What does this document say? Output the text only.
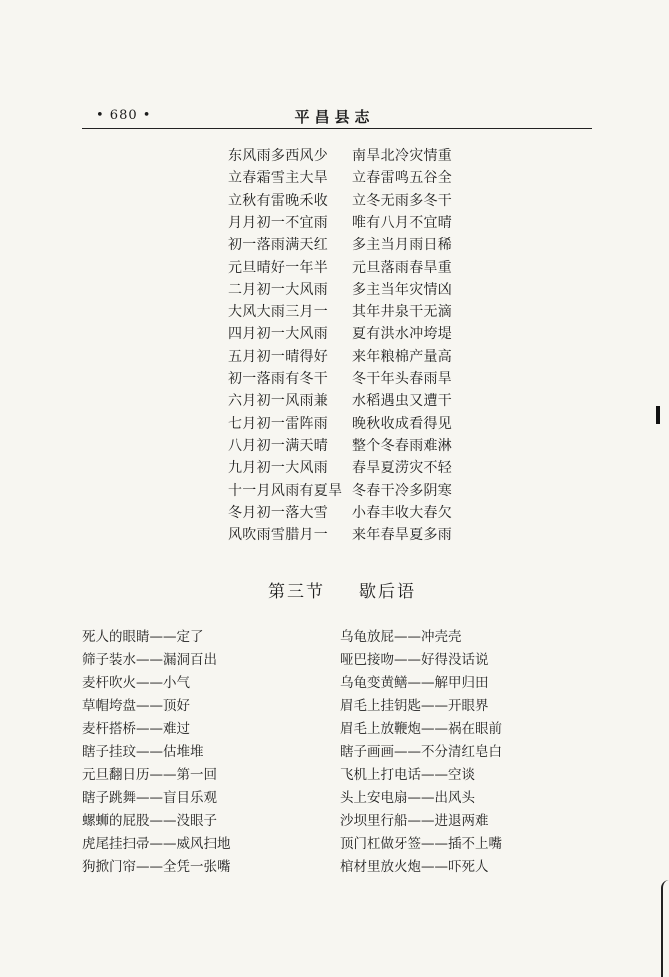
• 680 •	平昌县志
东风雨多西风少 南旱北冷灾情重
立春霜雪主大旱 立春雷鸣五谷全
立秋有雷晚禾收 立冬无雨多冬干
月月初一不宜雨 唯有八月不宜晴
初一落雨满天红 多主当月雨日稀
元旦晴好一年半 元旦落雨春旱重
二月初一大风雨 多主当年灾情凶
大风大雨三月一 其年井泉干无滴
四月初一大风雨 夏有洪水冲垮堤
五月初一晴得好 来年粮棉产量高
初一落雨有冬干 冬干年头春雨旱
六月初一风雨兼 水稻遇虫又遭干
七月初一雷阵雨 晚秋收成看得见
八月初一满天晴 整个冬春雨难淋
九月初一大风雨 春旱夏涝灾不轻
十一月风雨有夏旱 冬春干冷多阴寒
冬月初一落大雪 小春丰收大春欠
风吹雨雪腊月一 来年春旱夏多雨
第三节 歇后语
死人的眼睛——定了
筛子装水——漏洞百出
麦杆吹火——小气
草帽垮盘——顶好
麦杆搭桥——难过
瞎子挂玟——估堆堆
元旦翻日历——第一回
瞎子跳舞——盲目乐观
螺蛳的屁股——没眼子
虎尾挂扫帚——威风扫地
狗掀门帘——全凭一张嘴
乌龟放屁——冲壳壳
哑巴接吻——好得没话说
乌龟变黄鳝——解甲归田
眉毛上挂钥匙——开眼界
眉毛上放鞭炮——祸在眼前
瞎子画画——不分清红皂白
飞机上打电话——空谈
头上安电扇——出风头
沙坝里行船——进退两难
顶门杠做牙签——插不上嘴
棺材里放火炮——吓死人
